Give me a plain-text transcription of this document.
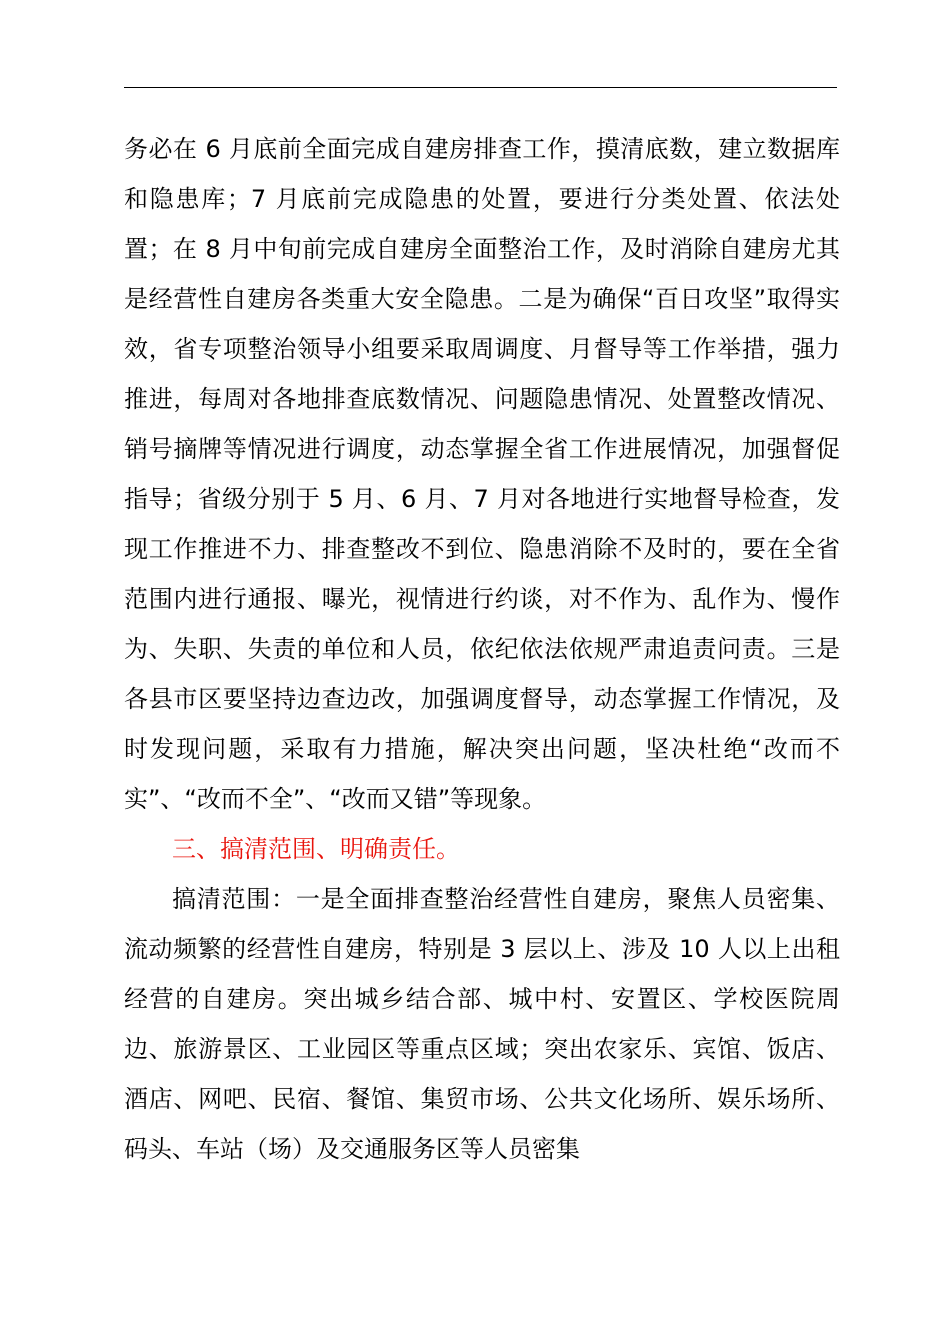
务必在 6 月底前全面完成自建房排查工作，摸清底数，建立数据库和隐患库；7 月底前完成隐患的处置，要进行分类处置、依法处置；在 8 月中旬前完成自建房全面整治工作，及时消除自建房尤其是经营性自建房各类重大安全隐患。二是为确保“百日攻坚”取得实效，省专项整治领导小组要采取周调度、月督导等工作举措，强力推进，每周对各地排查底数情况、问题隐患情况、处置整改情况、销号摘牌等情况进行调度，动态掌握全省工作进展情况，加强督促指导；省级分别于 5 月、6 月、7 月对各地进行实地督导检查，发现工作推进不力、排查整改不到位、隐患消除不及时的，要在全省范围内进行通报、曝光，视情进行约谈，对不作为、乱作为、慢作为、失职、失责的单位和人员，依纪依法依规严肃追责问责。三是各县市区要坚持边查边改，加强调度督导，动态掌握工作情况，及时发现问题，采取有力措施，解决突出问题，坚决杜绝“改而不实”、“改而不全”、“改而又错”等现象。

三、搞清范围、明确责任。

搞清范围：一是全面排查整治经营性自建房，聚焦人员密集、流动频繁的经营性自建房，特别是 3 层以上、涉及 10 人以上出租经营的自建房。突出城乡结合部、城中村、安置区、学校医院周边、旅游景区、工业园区等重点区域；突出农家乐、宾馆、饭店、酒店、网吧、民宿、餐馆、集贸市场、公共文化场所、娱乐场所、码头、车站（场）及交通服务区等人员密集
